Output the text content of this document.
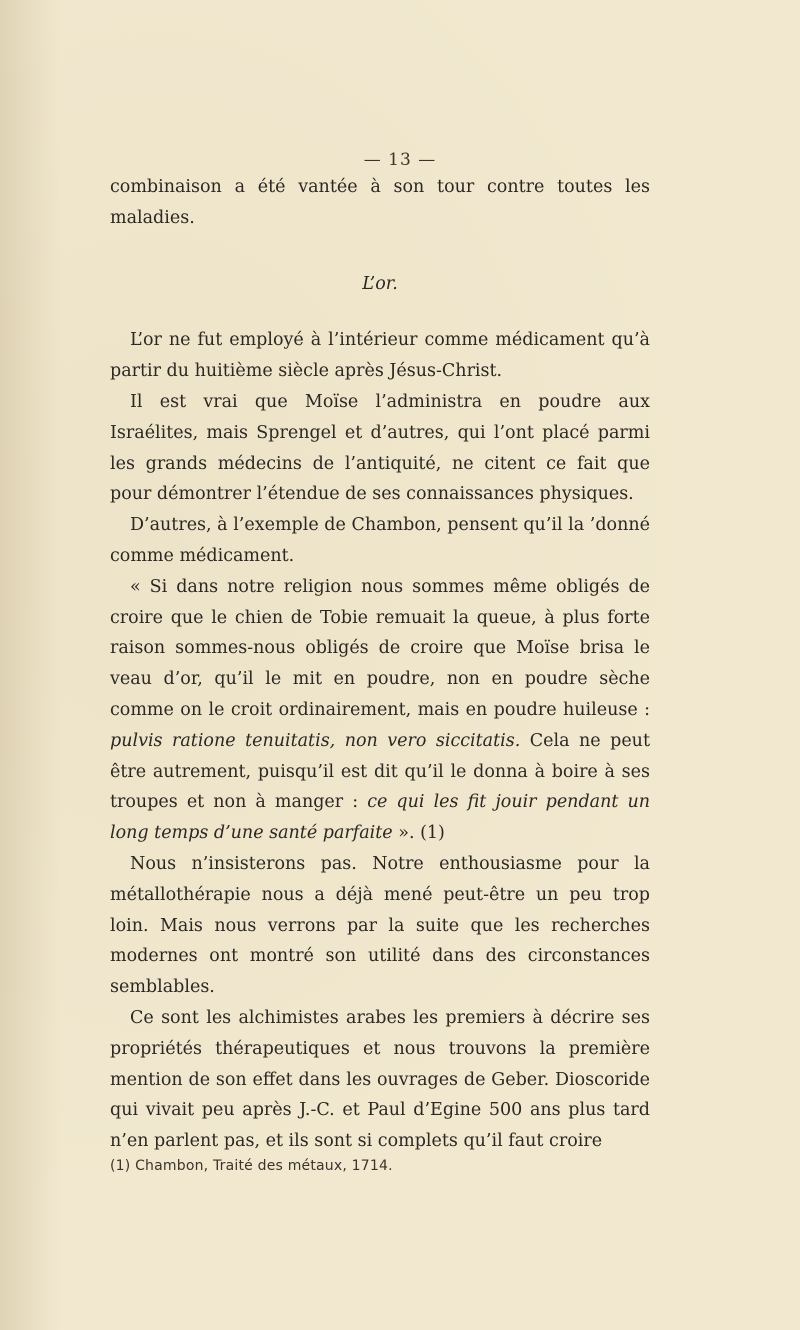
— 13 —

combinaison a été vantée à son tour contre toutes les maladies.

L’or.

L’or ne fut employé à l’intérieur comme médicament qu’à partir du huitième siècle après Jésus-Christ.

Il est vrai que Moïse l’administra en poudre aux Israélites, mais Sprengel et d’autres, qui l’ont placé parmi les grands médecins de l’antiquité, ne citent ce fait que pour démontrer l’étendue de ses connaissances physiques.

D’autres, à l’exemple de Chambon, pensent qu’il la ’donné comme médicament.

« Si dans notre religion nous sommes même obligés de croire que le chien de Tobie remuait la queue, à plus forte raison sommes-nous obligés de croire que Moïse brisa le veau d’or, qu’il le mit en poudre, non en poudre sèche comme on le croit ordinairement, mais en poudre huileuse : pulvis ratione tenuitatis, non vero siccitatis. Cela ne peut être autrement, puisqu’il est dit qu’il le donna à boire à ses troupes et non à manger : ce qui les fit jouir pendant un long temps d’une santé parfaite ». (1)

Nous n’insisterons pas. Notre enthousiasme pour la métallothérapie nous a déjà mené peut-être un peu trop loin. Mais nous verrons par la suite que les recherches modernes ont montré son utilité dans des circonstances semblables.

Ce sont les alchimistes arabes les premiers à décrire ses propriétés thérapeutiques et nous trouvons la première mention de son effet dans les ouvrages de Geber. Dioscoride qui vivait peu après J.-C. et Paul d’Egine 500 ans plus tard n’en parlent pas, et ils sont si complets qu’il faut croire

(1) Chambon, Traité des métaux, 1714.
